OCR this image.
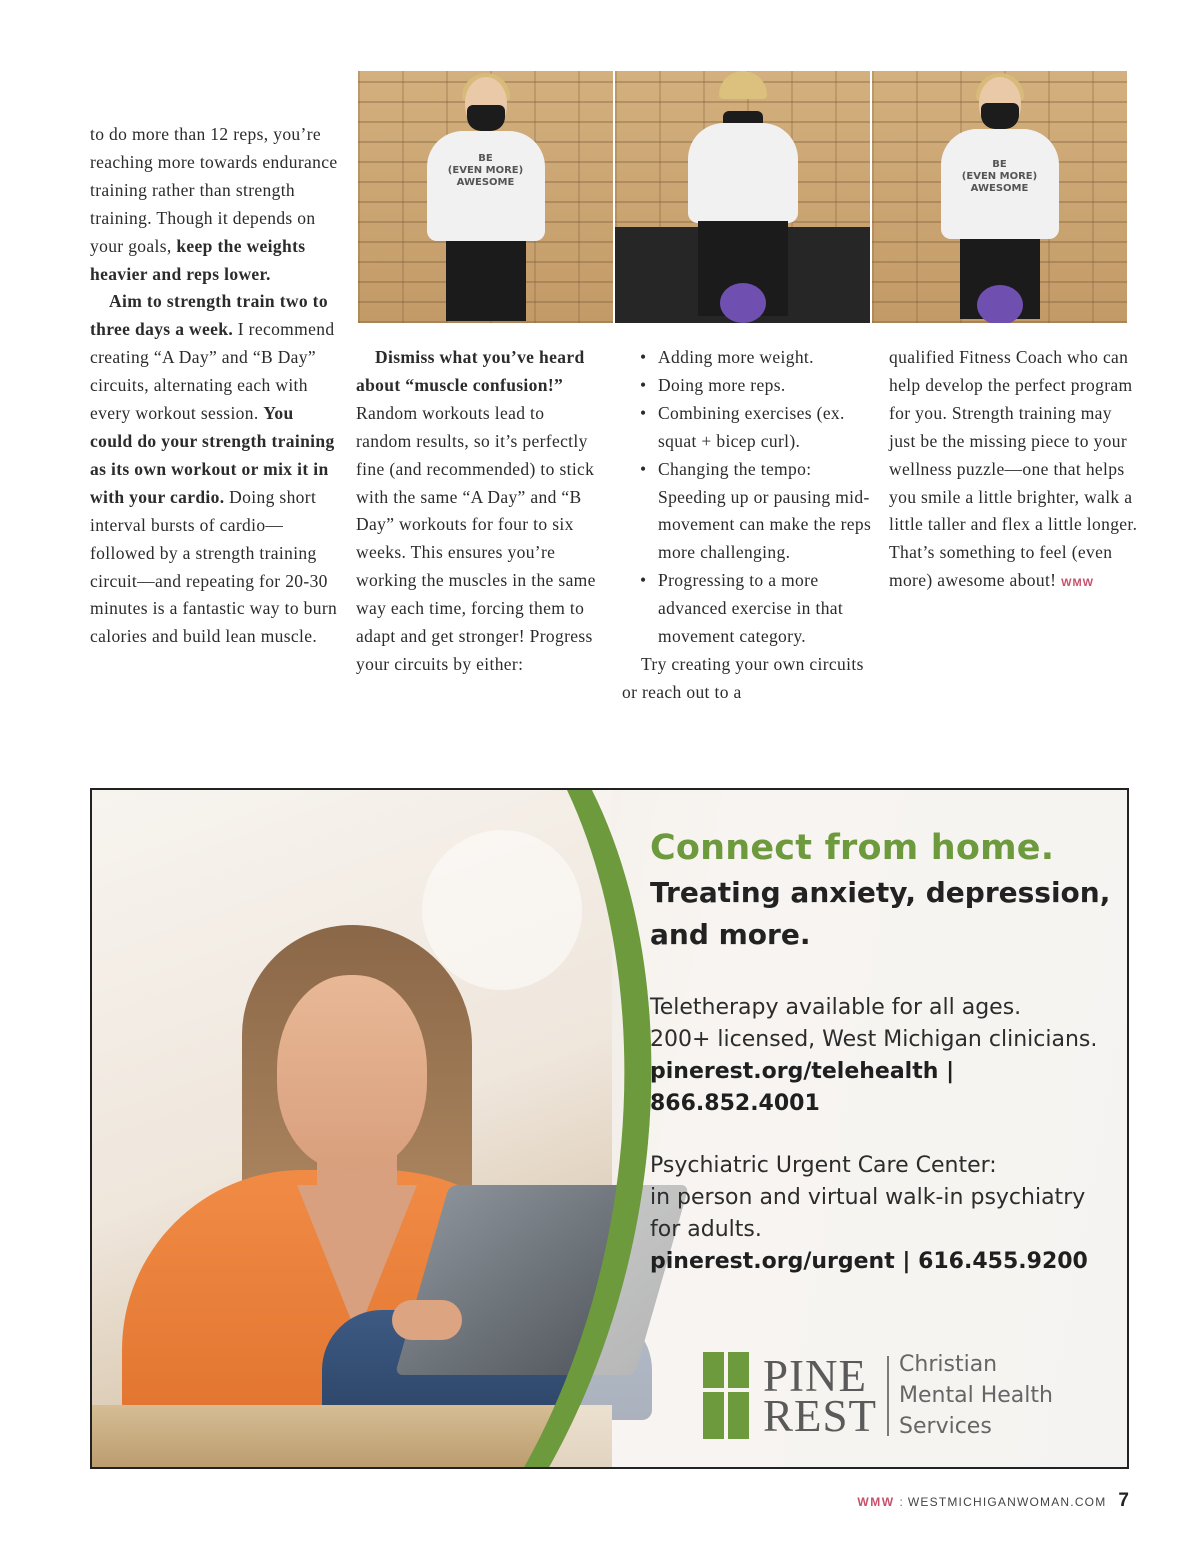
to do more than 12 reps, you’re reaching more towards endurance training rather than strength training. Though it depends on your goals, keep the weights heavier and reps lower.

Aim to strength train two to three days a week. I recommend creating “A Day” and “B Day” circuits, alternating each with every workout session. You could do your strength training as its own workout or mix it in with your cardio. Doing short interval bursts of cardio—followed by a strength training circuit—and repeating for 20-30 minutes is a fantastic way to burn calories and build lean muscle.

BE
(EVEN MORE)
AWESOME
BE
(EVEN MORE)
AWESOME

Dismiss what you’ve heard about “muscle confusion!” Random workouts lead to random results, so it’s perfectly fine (and recommended) to stick with the same “A Day” and “B Day” workouts for four to six weeks. This ensures you’re working the muscles in the same way each time, forcing them to adapt and get stronger! Progress your circuits by either:

• Adding more weight.
• Doing more reps.
• Combining exercises (ex. squat + bicep curl).
• Changing the tempo: Speeding up or pausing mid-movement can make the reps more challenging.
• Progressing to a more advanced exercise in that movement category.

Try creating your own circuits or reach out to a

qualified Fitness Coach who can help develop the perfect program for you. Strength training may just be the missing piece to your wellness puzzle—one that helps you smile a little brighter, walk a little taller and flex a little longer. That’s something to feel (even more) awesome about! WMW

Connect from home.
Treating anxiety, depression, and more.
Teletherapy available for all ages.
200+ licensed, West Michigan clinicians.
pinerest.org/telehealth | 866.852.4001
Psychiatric Urgent Care Center:
in person and virtual walk-in psychiatry for adults.
pinerest.org/urgent | 616.455.9200
PINE
REST
Christian
Mental Health
Services
WMW : WESTMICHIGANWOMAN.COM 7
